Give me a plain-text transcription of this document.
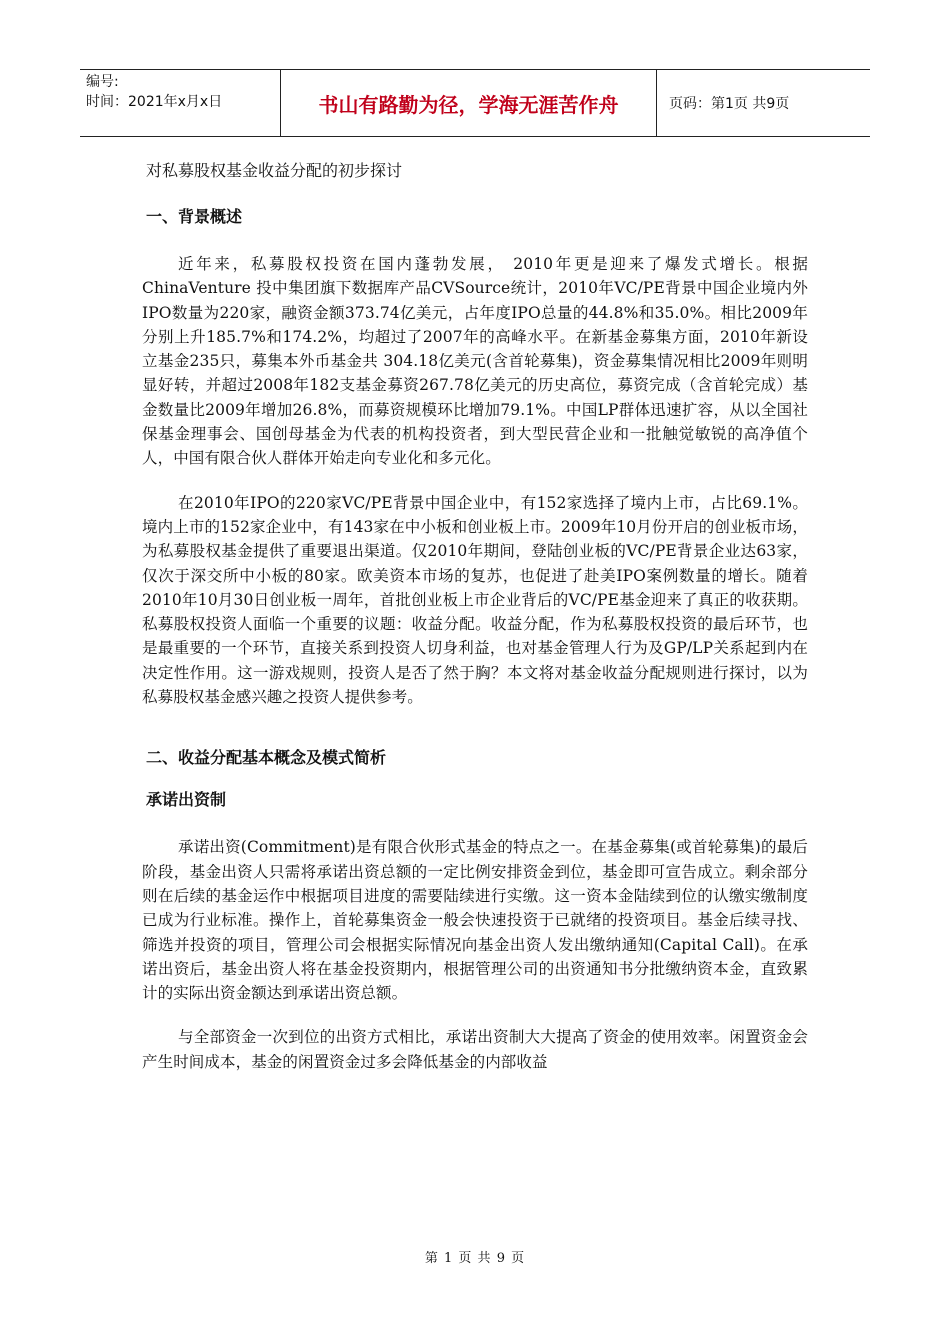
编号:
时间：2021年x月x日	书山有路勤为径，学海无涯苦作舟	页码：第1页 共9页

对私募股权基金收益分配的初步探讨

一、背景概述

近年来，私募股权投资在国内蓬勃发展， 2010年更是迎来了爆发式增长。根据ChinaVenture 投中集团旗下数据库产品CVSource统计，2010年VC/PE背景中国企业境内外IPO数量为220家，融资金额373.74亿美元，占年度IPO总量的44.8%和35.0%。相比2009年分别上升185.7%和174.2%，均超过了2007年的高峰水平。在新基金募集方面，2010年新设立基金235只，募集本外币基金共 304.18亿美元(含首轮募集)，资金募集情况相比2009年则明显好转，并超过2008年182支基金募资267.78亿美元的历史高位，募资完成（含首轮完成）基金数量比2009年增加26.8%，而募资规模环比增加79.1%。中国LP群体迅速扩容，从以全国社保基金理事会、国创母基金为代表的机构投资者，到大型民营企业和一批触觉敏锐的高净值个人，中国有限合伙人群体开始走向专业化和多元化。

在2010年IPO的220家VC/PE背景中国企业中，有152家选择了境内上市，占比69.1%。境内上市的152家企业中，有143家在中小板和创业板上市。2009年10月份开启的创业板市场，为私募股权基金提供了重要退出渠道。仅2010年期间，登陆创业板的VC/PE背景企业达63家，仅次于深交所中小板的80家。欧美资本市场的复苏，也促进了赴美IPO案例数量的增长。随着2010年10月30日创业板一周年，首批创业板上市企业背后的VC/PE基金迎来了真正的收获期。私募股权投资人面临一个重要的议题：收益分配。收益分配，作为私募股权投资的最后环节，也是最重要的一个环节，直接关系到投资人切身利益，也对基金管理人行为及GP/LP关系起到内在决定性作用。这一游戏规则，投资人是否了然于胸？本文将对基金收益分配规则进行探讨，以为私募股权基金感兴趣之投资人提供参考。

二、收益分配基本概念及模式简析

承诺出资制

承诺出资(Commitment)是有限合伙形式基金的特点之一。在基金募集(或首轮募集)的最后阶段，基金出资人只需将承诺出资总额的一定比例安排资金到位，基金即可宣告成立。剩余部分则在后续的基金运作中根据项目进度的需要陆续进行实缴。这一资本金陆续到位的认缴实缴制度已成为行业标准。操作上，首轮募集资金一般会快速投资于已就绪的投资项目。基金后续寻找、筛选并投资的项目，管理公司会根据实际情况向基金出资人发出缴纳通知(Capital Call)。在承诺出资后，基金出资人将在基金投资期内，根据管理公司的出资通知书分批缴纳资本金，直致累计的实际出资金额达到承诺出资总额。

与全部资金一次到位的出资方式相比，承诺出资制大大提高了资金的使用效率。闲置资金会产生时间成本，基金的闲置资金过多会降低基金的内部收益

第 1 页 共 9 页
